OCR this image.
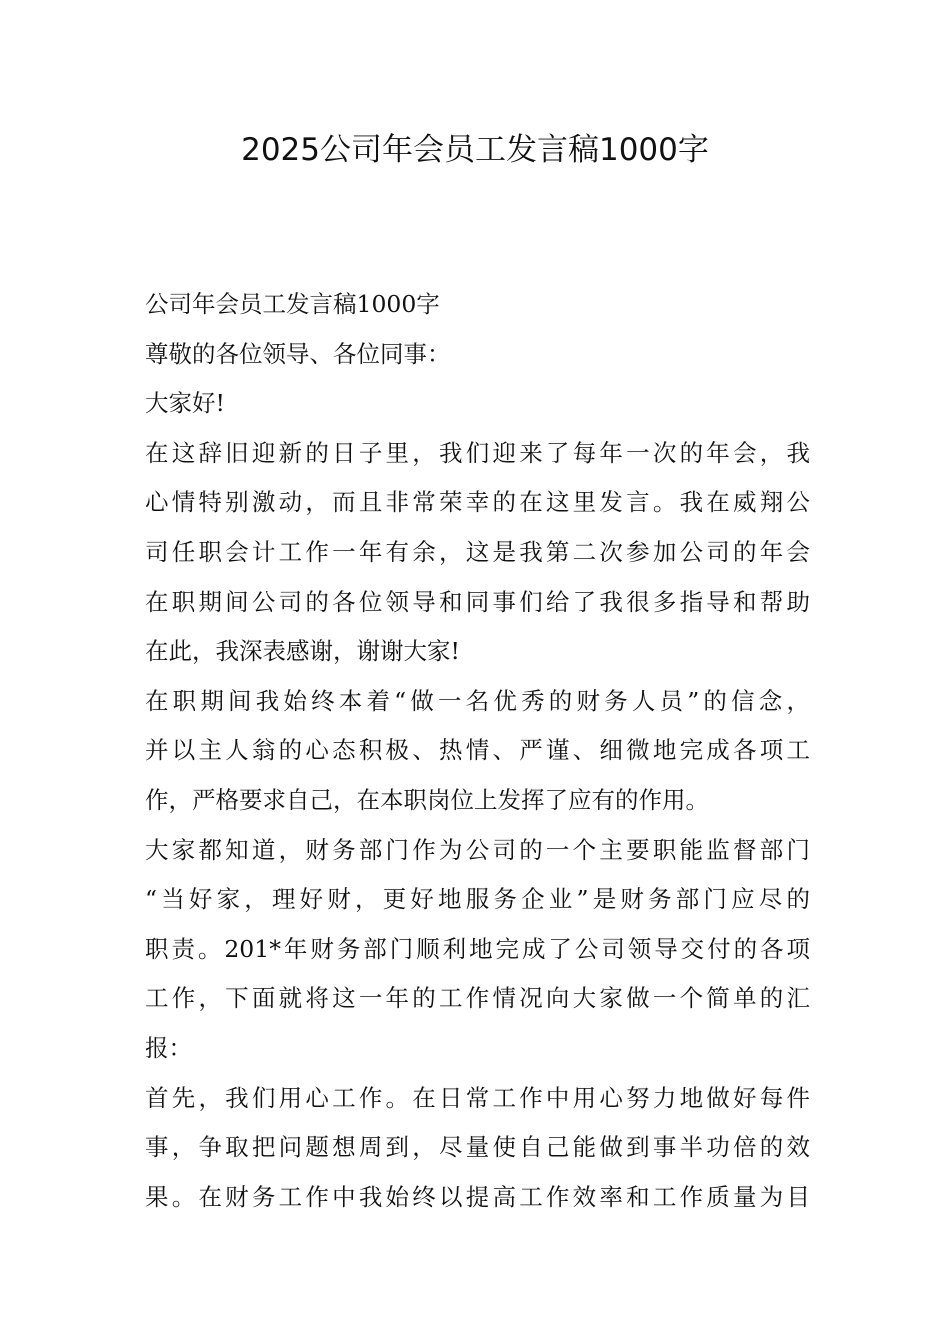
2025公司年会员工发言稿1000字
公司年会员工发言稿1000字
尊敬的各位领导、各位同事：
大家好!
在这辞旧迎新的日子里，我们迎来了每年一次的年会，我
心情特别激动，而且非常荣幸的在这里发言。我在威翔公
司任职会计工作一年有余，这是我第二次参加公司的年会
在职期间公司的各位领导和同事们给了我很多指导和帮助
在此，我深表感谢，谢谢大家!
在职期间我始终本着“做一名优秀的财务人员”的信念，
并以主人翁的心态积极、热情、严谨、细微地完成各项工
作，严格要求自己，在本职岗位上发挥了应有的作用。
大家都知道，财务部门作为公司的一个主要职能监督部门
“当好家，理好财，更好地服务企业”是财务部门应尽的
职责。201*年财务部门顺利地完成了公司领导交付的各项
工作，下面就将这一年的工作情况向大家做一个简单的汇
报：
首先，我们用心工作。在日常工作中用心努力地做好每件
事，争取把问题想周到，尽量使自己能做到事半功倍的效
果。在财务工作中我始终以提高工作效率和工作质量为目
